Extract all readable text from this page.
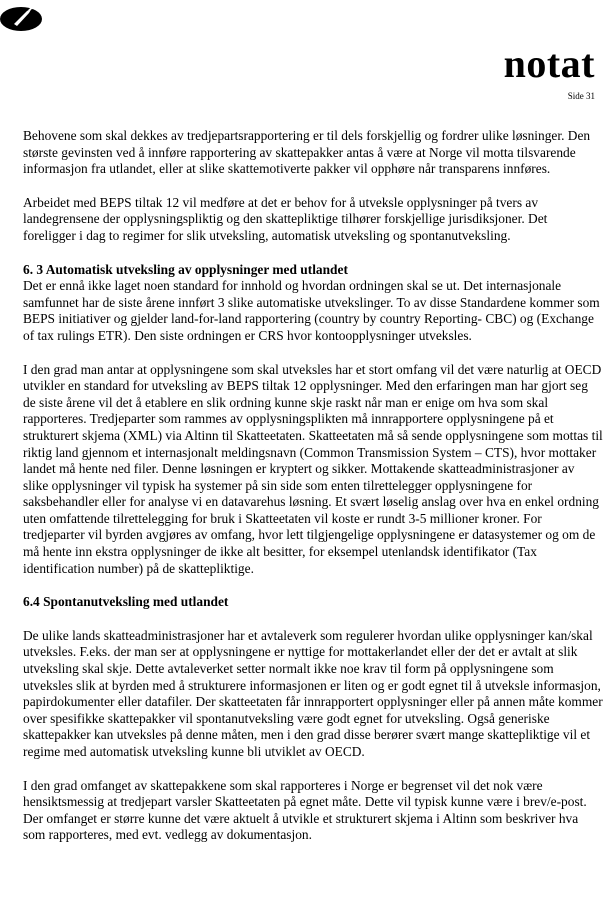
notat
Side 31

Behovene som skal dekkes av tredjepartsrapportering er til dels forskjellig og fordrer ulike løsninger. Den største gevinsten ved å innføre rapportering av skattepakker antas å være at Norge vil motta tilsvarende informasjon fra utlandet, eller at slike skattemotiverte pakker vil opphøre når transparens innføres.

Arbeidet med BEPS tiltak 12 vil medføre at det er behov for å utveksle opplysninger på tvers av landegrensene der opplysningspliktig og den skattepliktige tilhører forskjellige jurisdiksjoner. Det foreligger i dag to regimer for slik utveksling, automatisk utveksling og spontanutveksling.

6. 3 Automatisk utveksling av opplysninger med utlandet

Det er ennå ikke laget noen standard for innhold og hvordan ordningen skal se ut. Det internasjonale samfunnet har de siste årene innført 3 slike automatiske utvekslinger. To av disse Standardene kommer som BEPS initiativer og gjelder land-for-land rapportering (country by country Reporting- CBC) og (Exchange of tax rulings ETR). Den siste ordningen er CRS hvor kontoopplysninger utveksles.

I den grad man antar at opplysningene som skal utveksles har et stort omfang vil det være naturlig at OECD utvikler en standard for utveksling av BEPS tiltak 12 opplysninger. Med den erfaringen man har gjort seg de siste årene vil det å etablere en slik ordning kunne skje raskt når man er enige om hva som skal rapporteres. Tredjeparter som rammes av opplysningsplikten må innrapportere opplysningene på et strukturert skjema (XML) via Altinn til Skatteetaten. Skatteetaten må så sende opplysningene som mottas til riktig land gjennom et internasjonalt meldingsnavn (Common Transmission System – CTS), hvor mottaker landet må hente ned filer. Denne løsningen er kryptert og sikker. Mottakende skatteadministrasjoner av slike opplysninger vil typisk ha systemer på sin side som enten tilrettelegger opplysningene for saksbehandler eller for analyse vi en datavarehus løsning. Et svært løselig anslag over hva en enkel ordning uten omfattende tilrettelegging for bruk i Skatteetaten vil koste er rundt 3-5 millioner kroner. For tredjeparter vil byrden avgjøres av omfang, hvor lett tilgjengelige opplysningene er datasystemer og om de må hente inn ekstra opplysninger de ikke alt besitter, for eksempel utenlandsk identifikator (Tax identification number) på de skattepliktige.

6.4 Spontanutveksling med utlandet

De ulike lands skatteadministrasjoner har et avtaleverk som regulerer hvordan ulike opplysninger kan/skal utveksles. F.eks. der man ser at opplysningene er nyttige for mottakerlandet eller der det er avtalt at slik utveksling skal skje. Dette avtaleverket setter normalt ikke noe krav til form på opplysningene som utveksles slik at byrden med å strukturere informasjonen er liten og er godt egnet til å utveksle informasjon, papirdokumenter eller datafiler. Der skatteetaten får innrapportert opplysninger eller på annen måte kommer over spesifikke skattepakker vil spontanutveksling være godt egnet for utveksling. Også generiske skattepakker kan utveksles på denne måten, men i den grad disse berører svært mange skattepliktige vil et regime med automatisk utveksling kunne bli utviklet av OECD.

I den grad omfanget av skattepakkene som skal rapporteres i Norge er begrenset vil det nok være hensiktsmessig at tredjepart varsler Skatteetaten på egnet måte. Dette vil typisk kunne være i brev/e-post. Der omfanget er større kunne det være aktuelt å utvikle et strukturert skjema i Altinn som beskriver hva som rapporteres, med evt. vedlegg av dokumentasjon.
